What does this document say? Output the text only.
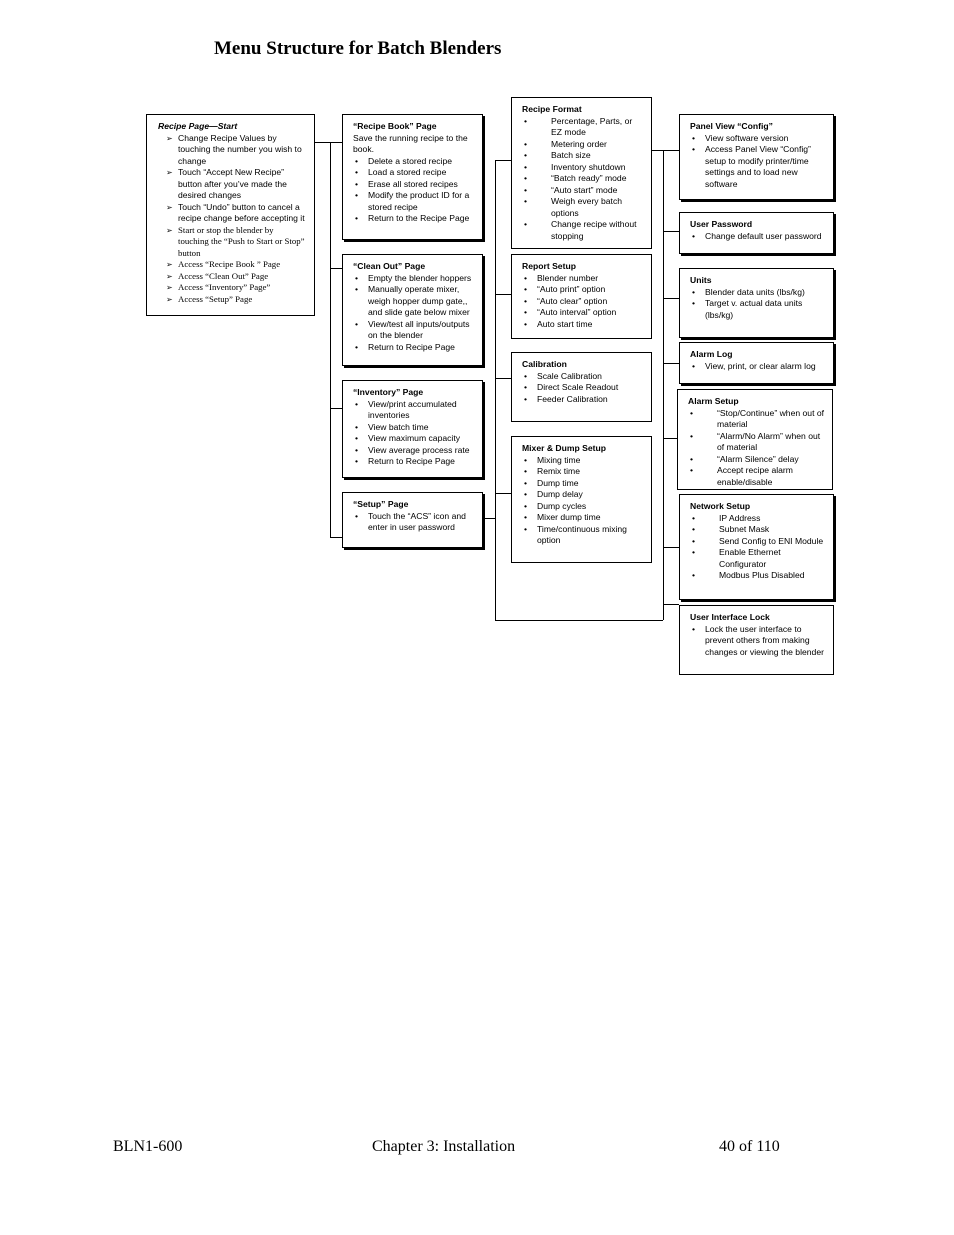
Menu Structure for Batch Blenders
Recipe Page—Start
➢ Change Recipe Values by touching the number you wish to change
➢ Touch “Accept New Recipe” button after you’ve made the desired changes
➢ Touch “Undo” button to cancel a recipe change before accepting it
➢ Start or stop the blender by touching the “Push to Start or Stop” button
➢ Access “Recipe Book ” Page
➢ Access “Clean Out” Page
➢ Access “Inventory” Page”
➢ Access “Setup” Page
“Recipe Book” Page

Save the running recipe to the book.

• Delete a stored recipe
• Load a stored recipe
• Erase all stored recipes
• Modify the product ID for a stored recipe
• Return to the Recipe Page
“Clean Out” Page
• Empty the blender hoppers
• Manually operate mixer, weigh hopper dump gate,, and slide gate below mixer
• View/test all inputs/outputs on the blender
• Return to Recipe Page
“Inventory” Page
• View/print accumulated inventories
• View batch time
• View maximum capacity
• View average process rate
• Return to Recipe Page
“Setup” Page
• Touch the “ACS” icon and enter in user password
Recipe Format
• Percentage, Parts, or EZ mode
• Metering order
• Batch size
• Inventory shutdown
• “Batch ready” mode
• “Auto start” mode
• Weigh every batch options
• Change recipe without stopping
Report Setup
• Blender number
• “Auto print” option
• “Auto clear” option
• “Auto interval” option
• Auto start time
Calibration
• Scale Calibration
• Direct Scale Readout
• Feeder Calibration
Mixer & Dump Setup
• Mixing time
• Remix time
• Dump time
• Dump delay
• Dump cycles
• Mixer dump time
• Time/continuous mixing option
Panel View “Config”
• View software version
• Access Panel View “Config” setup to modify printer/time settings and to load new software
User Password
• Change default user password
Units
• Blender data units (lbs/kg)
• Target v. actual data units (lbs/kg)
Alarm Log
• View, print, or clear alarm log
Alarm Setup
• “Stop/Continue” when out of material
• “Alarm/No Alarm” when out of material
• “Alarm Silence” delay
• Accept recipe alarm enable/disable
Network Setup
• IP Address
• Subnet Mask
• Send Config to ENI Module
• Enable Ethernet Configurator
• Modbus Plus Disabled
User Interface Lock
• Lock the user interface to prevent others from making changes or viewing the blender
BLN1-600	Chapter 3: Installation	40 of 110
